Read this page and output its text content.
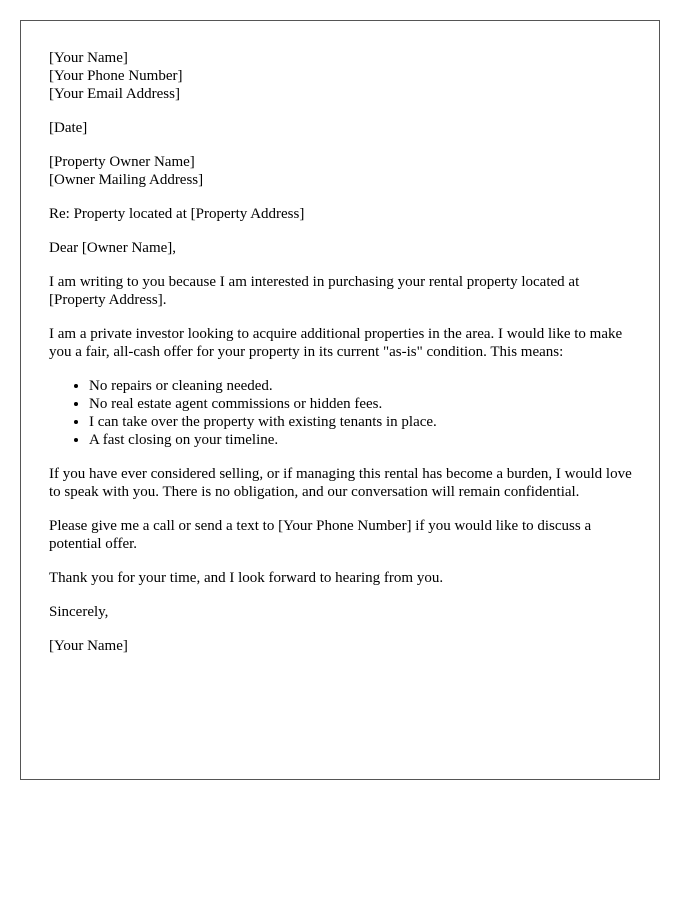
[Your Name]
[Your Phone Number]
[Your Email Address]
[Date]
[Property Owner Name]
[Owner Mailing Address]
Re: Property located at [Property Address]
Dear [Owner Name],

I am writing to you because I am interested in purchasing your rental property located at [Property Address].

I am a private investor looking to acquire additional properties in the area. I would like to make you a fair, all-cash offer for your property in its current "as-is" condition. This means:

• No repairs or cleaning needed.
• No real estate agent commissions or hidden fees.
• I can take over the property with existing tenants in place.
• A fast closing on your timeline.

If you have ever considered selling, or if managing this rental has become a burden, I would love to speak with you. There is no obligation, and our conversation will remain confidential.

Please give me a call or send a text to [Your Phone Number] if you would like to discuss a potential offer.

Thank you for your time, and I look forward to hearing from you.

Sincerely,
[Your Name]
